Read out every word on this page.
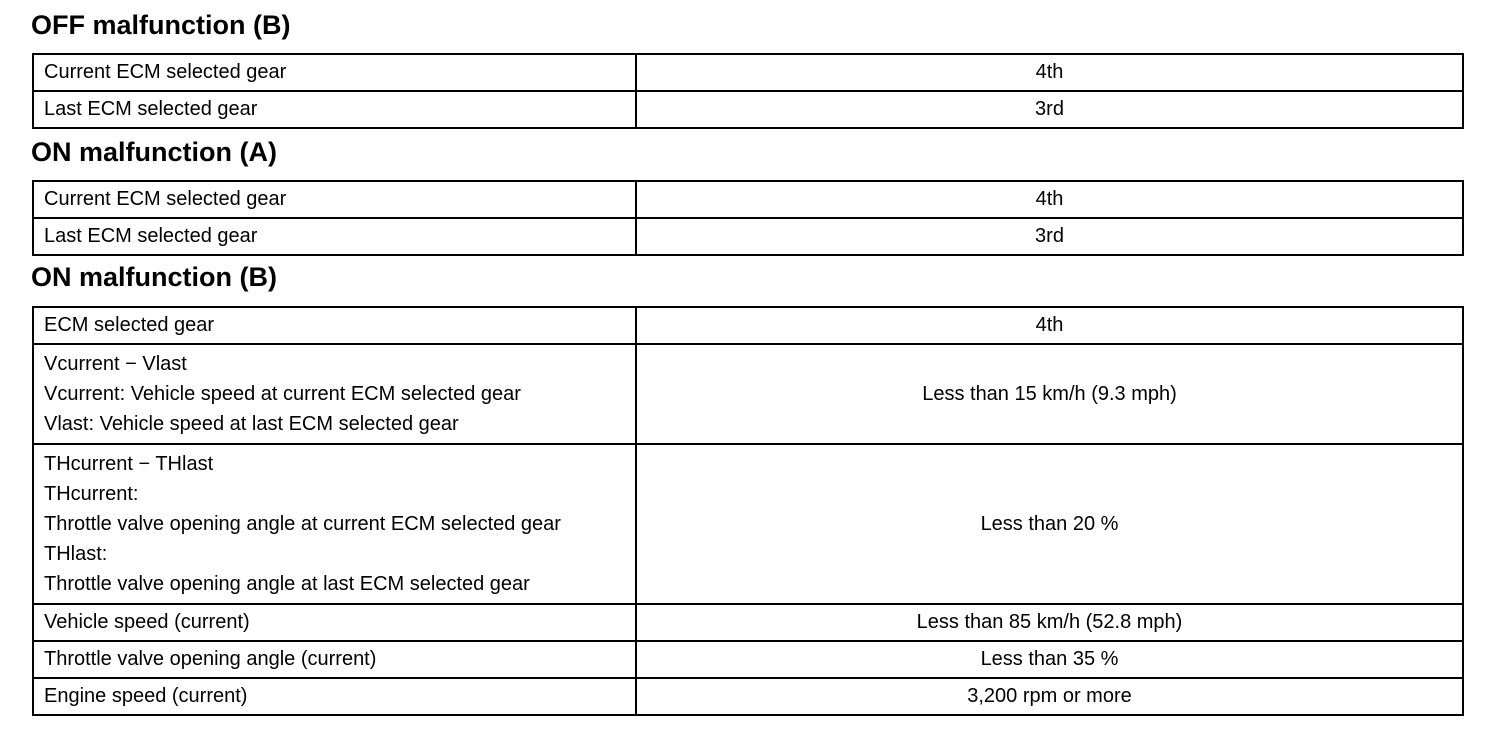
OFF malfunction (B)
Current ECM selected gear	4th
Last ECM selected gear	3rd
ON malfunction (A)
Current ECM selected gear	4th
Last ECM selected gear	3rd
ON malfunction (B)
ECM selected gear	4th

Vcurrent − Vlast
Vcurrent: Vehicle speed at current ECM selected gear
Vlast: Vehicle speed at last ECM selected gear	Less than 15 km/h (9.3 mph)

THcurrent − THlast
THcurrent:
Throttle valve opening angle at current ECM selected gear
THlast:
Throttle valve opening angle at last ECM selected gear	Less than 20 %
Vehicle speed (current)	Less than 85 km/h (52.8 mph)
Throttle valve opening angle (current)	Less than 35 %
Engine speed (current)	3,200 rpm or more
